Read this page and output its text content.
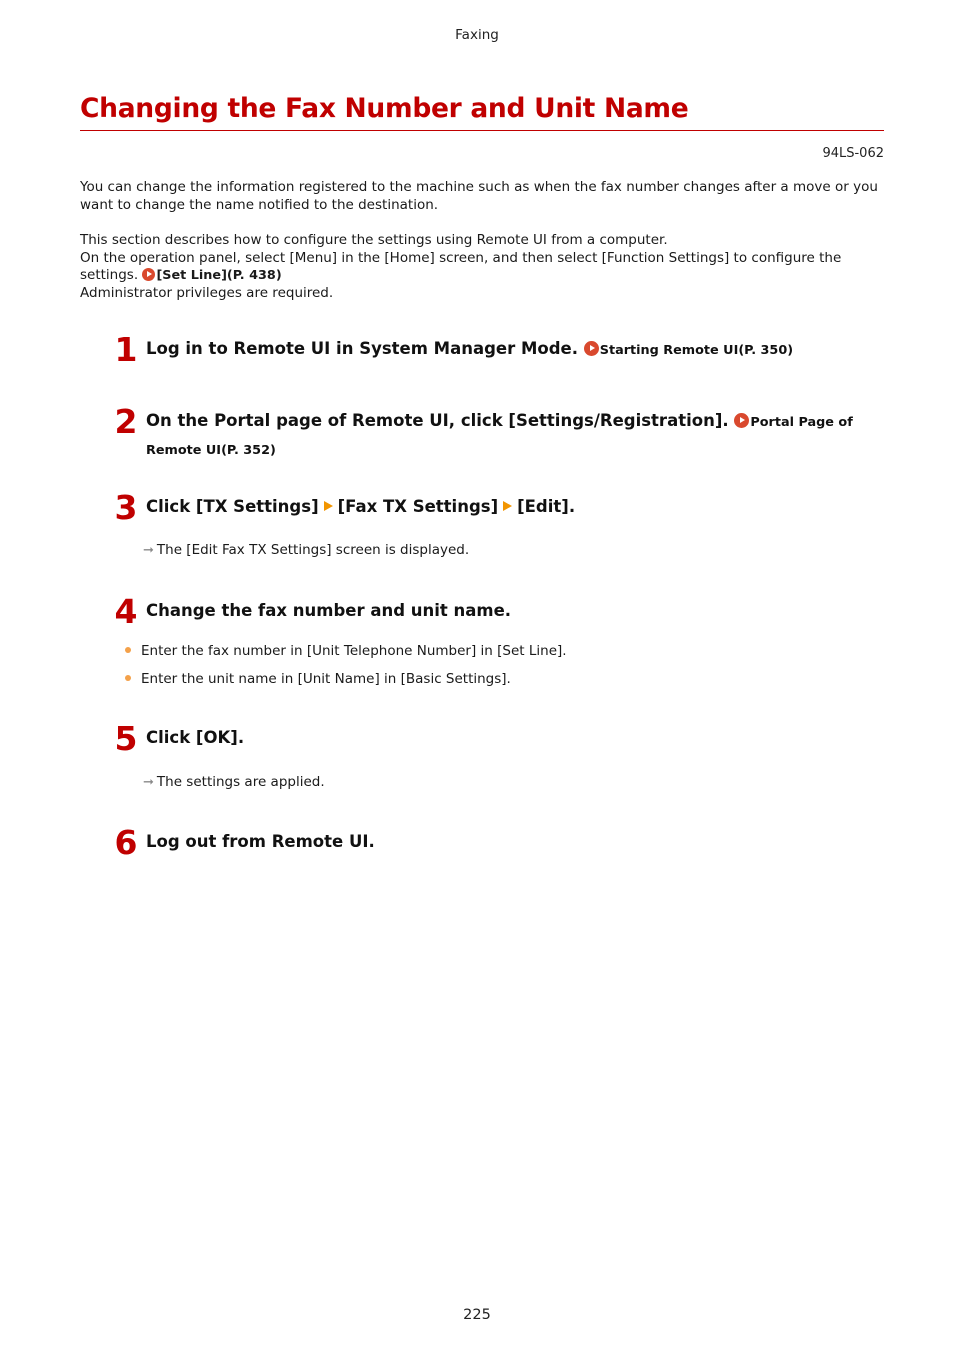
Faxing
Changing the Fax Number and Unit Name
94LS-062

You can change the information registered to the machine such as when the fax number changes after a move or you want to change the name notified to the destination.

This section describes how to configure the settings using Remote UI from a computer.
On the operation panel, select [Menu] in the [Home] screen, and then select [Function Settings] to configure the settings. [Set Line](P. 438)
Administrator privileges are required.
1 Log in to Remote UI in System Manager Mode. Starting Remote UI(P. 350)
2 On the Portal page of Remote UI, click [Settings/Registration]. Portal Page of Remote UI(P. 352)
3 Click [TX Settings] [Fax TX Settings] [Edit].
➞ The [Edit Fax TX Settings] screen is displayed.
4 Change the fax number and unit name.
Enter the fax number in [Unit Telephone Number] in [Set Line].
Enter the unit name in [Unit Name] in [Basic Settings].
5 Click [OK].
➞ The settings are applied.
6 Log out from Remote UI.
225
